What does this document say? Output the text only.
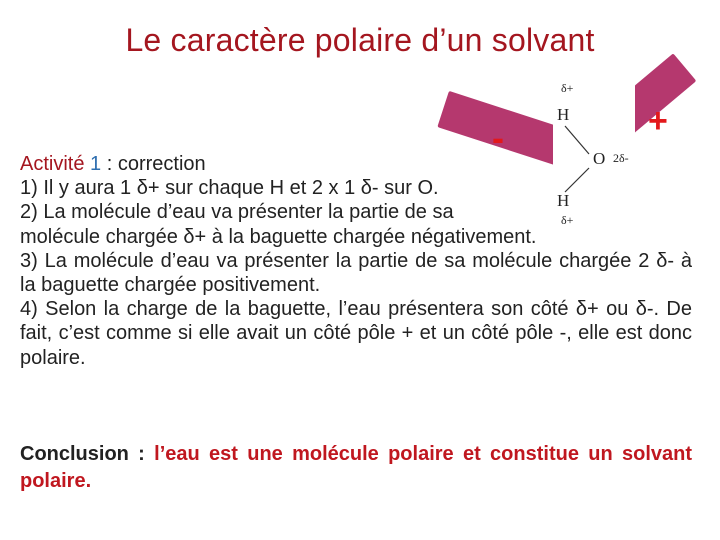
Le caractère polaire d’un solvant
-	+
δ+
H
O 2δ-
H
δ+

Activité 1 : correction

1) Il y aura 1 δ+ sur chaque H et 2 x 1 δ- sur O.

2) La molécule d’eau va présenter la partie de sa

molécule chargée δ+ à la baguette chargée négativement.

3) La molécule d’eau va présenter la partie de sa molécule chargée 2 δ- à la baguette chargée positivement.

4) Selon la charge de la baguette, l’eau présentera son côté δ+ ou δ-. De fait, c’est comme si elle avait un côté pôle + et un côté pôle -, elle est donc polaire.

Conclusion : l’eau est une molécule polaire et constitue un solvant polaire.
